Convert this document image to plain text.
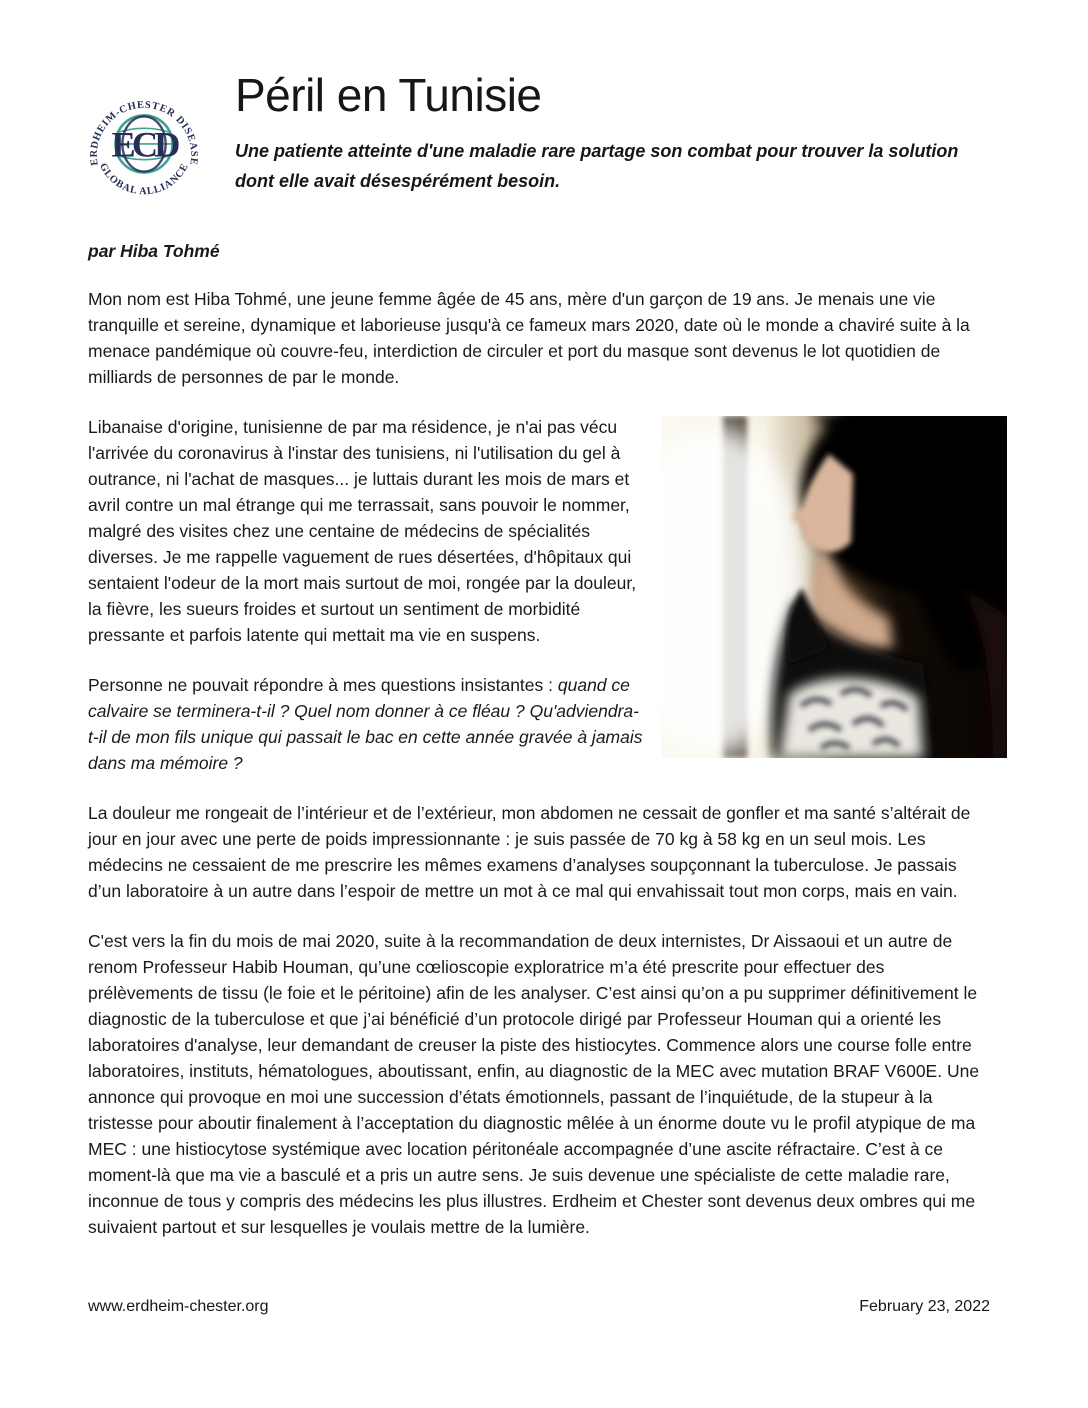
ECD
ERDHEIM-CHESTER DISEASE
GLOBAL ALLIANCE
Péril en Tunisie

Une patiente atteinte d'une maladie rare partage son combat pour trouver la solution dont elle avait désespérément besoin.

par Hiba Tohmé

Mon nom est Hiba Tohmé, une jeune femme âgée de 45 ans, mère d'un garçon de 19 ans. Je menais une vie tranquille et sereine, dynamique et laborieuse jusqu'à ce fameux mars 2020, date où le monde a chaviré suite à la menace pandémique où couvre-feu, interdiction de circuler et port du masque sont devenus le lot quotidien de milliards de personnes de par le monde.

Libanaise d'origine, tunisienne de par ma résidence, je n'ai pas vécu l'arrivée du coronavirus à l'instar des tunisiens, ni l'utilisation du gel à outrance, ni l'achat de masques... je luttais durant les mois de mars et avril contre un mal étrange qui me terrassait, sans pouvoir le nommer, malgré des visites chez une centaine de médecins de spécialités diverses. Je me rappelle vaguement de rues désertées, d'hôpitaux qui sentaient l'odeur de la mort mais surtout de moi, rongée par la douleur, la fièvre, les sueurs froides et surtout un sentiment de morbidité pressante et parfois latente qui mettait ma vie en suspens.

Personne ne pouvait répondre à mes questions insistantes : quand ce calvaire se terminera-t-il ? Quel nom donner à ce fléau ? Qu'adviendra-t-il de mon fils unique qui passait le bac en cette année gravée à jamais dans ma mémoire ?

La douleur me rongeait de l’intérieur et de l’extérieur, mon abdomen ne cessait de gonfler et ma santé s’altérait de jour en jour avec une perte de poids impressionnante : je suis passée de 70 kg à 58 kg en un seul mois. Les médecins ne cessaient de me prescrire les mêmes examens d’analyses soupçonnant la tuberculose. Je passais d’un laboratoire à un autre dans l’espoir de mettre un mot à ce mal qui envahissait tout mon corps, mais en vain.

C'est vers la fin du mois de mai 2020, suite à la recommandation de deux internistes, Dr Aissaoui et un autre de renom Professeur Habib Houman, qu’une cœlioscopie exploratrice m’a été prescrite pour effectuer des prélèvements de tissu (le foie et le péritoine) afin de les analyser. C’est ainsi qu’on a pu supprimer définitivement le diagnostic de la tuberculose et que j’ai bénéficié d’un protocole dirigé par Professeur Houman qui a orienté les laboratoires d'analyse, leur demandant de creuser la piste des histiocytes. Commence alors une course folle entre laboratoires, instituts, hématologues, aboutissant, enfin, au diagnostic de la MEC avec mutation BRAF V600E. Une annonce qui provoque en moi une succession d’états émotionnels, passant de l’inquiétude, de la stupeur à la tristesse pour aboutir finalement à l’acceptation du diagnostic mêlée à un énorme doute vu le profil atypique de ma MEC : une histiocytose systémique avec location péritonéale accompagnée d’une ascite réfractaire. C’est à ce moment-là que ma vie a basculé et a pris un autre sens. Je suis devenue une spécialiste de cette maladie rare, inconnue de tous y compris des médecins les plus illustres. Erdheim et Chester sont devenus deux ombres qui me suivaient partout et sur lesquelles je voulais mettre de la lumière.

www.erdheim-chester.org	February 23, 2022
